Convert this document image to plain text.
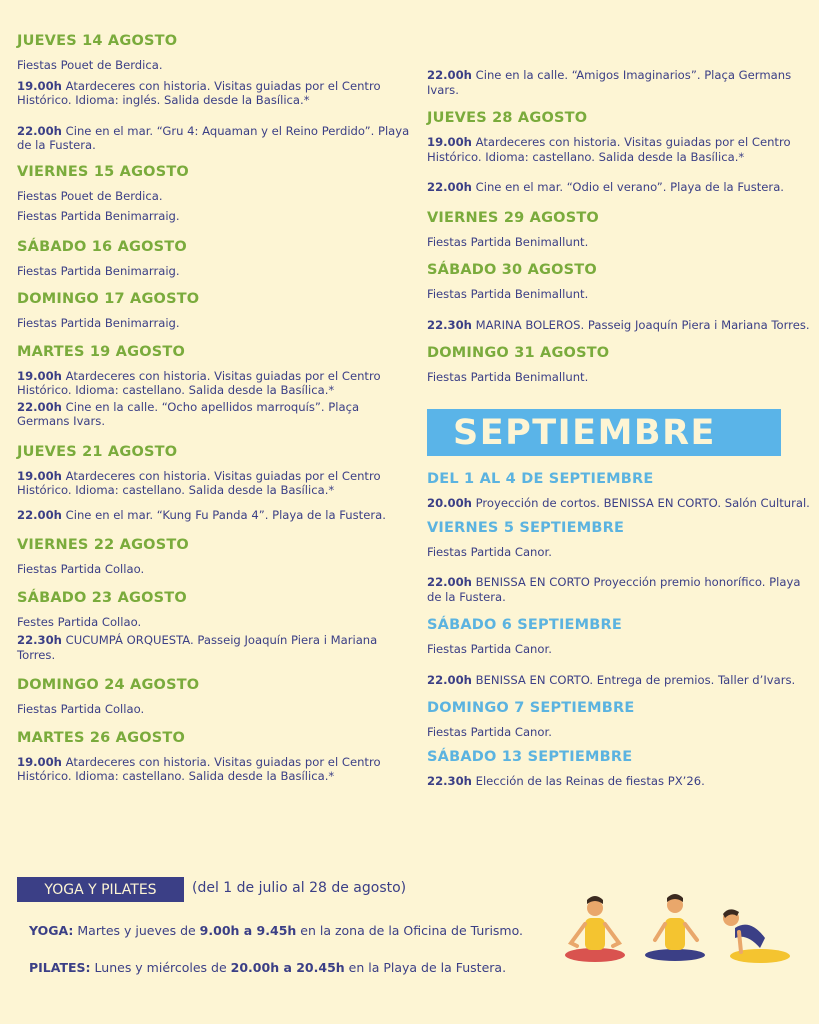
JUEVES 14 AGOSTO

Fiestas Pouet de Berdica.

19.00h Atardeceres con historia. Visitas guiadas por el Centro Histórico. Idioma: inglés. Salida desde la Basílica.*

22.00h Cine en el mar. “Gru 4: Aquaman y el Reino Perdido”. Playa de la Fustera.

VIERNES 15 AGOSTO

Fiestas Pouet de Berdica.

Fiestas Partida Benimarraig.

SÁBADO 16 AGOSTO

Fiestas Partida Benimarraig.

DOMINGO 17 AGOSTO

Fiestas Partida Benimarraig.

MARTES 19 AGOSTO

19.00h Atardeceres con historia. Visitas guiadas por el Centro Histórico. Idioma: castellano. Salida desde la Basílica.*

22.00h Cine en la calle. “Ocho apellidos marroquís”. Plaça Germans Ivars.

JUEVES 21 AGOSTO

19.00h Atardeceres con historia. Visitas guiadas por el Centro Histórico. Idioma: castellano. Salida desde la Basílica.*

22.00h Cine en el mar. “Kung Fu Panda 4”. Playa de la Fustera.

VIERNES 22 AGOSTO

Fiestas Partida Collao.

SÁBADO 23 AGOSTO

Festes Partida Collao.

22.30h CUCUMPÁ ORQUESTA. Passeig Joaquín Piera i Mariana Torres.

DOMINGO 24 AGOSTO

Fiestas Partida Collao.

MARTES 26 AGOSTO

19.00h Atardeceres con historia. Visitas guiadas por el Centro Histórico. Idioma: castellano. Salida desde la Basílica.*

22.00h Cine en la calle. “Amigos Imaginarios”. Plaça Germans Ivars.

JUEVES 28 AGOSTO

19.00h Atardeceres con historia. Visitas guiadas por el Centro Histórico. Idioma: castellano. Salida desde la Basílica.*

22.00h Cine en el mar. “Odio el verano”. Playa de la Fustera.

VIERNES 29 AGOSTO

Fiestas Partida Benimallunt.

SÁBADO 30 AGOSTO

Fiestas Partida Benimallunt.

22.30h MARINA BOLEROS. Passeig Joaquín Piera i Mariana Torres.

DOMINGO 31 AGOSTO

Fiestas Partida Benimallunt.

SEPTIEMBRE

DEL 1 AL 4 DE SEPTIEMBRE

20.00h Proyección de cortos. BENISSA EN CORTO. Salón Cultural.

VIERNES 5 SEPTIEMBRE

Fiestas Partida Canor.

22.00h BENISSA EN CORTO Proyección premio honorífico. Playa de la Fustera.

SÁBADO 6 SEPTIEMBRE

Fiestas Partida Canor.

22.00h BENISSA EN CORTO. Entrega de premios. Taller d’Ivars.

DOMINGO 7 SEPTIEMBRE

Fiestas Partida Canor.

SÁBADO 13 SEPTIEMBRE

22.30h Elección de las Reinas de fiestas PX’26.

YOGA Y PILATES	(del 1 de julio al 28 de agosto)
YOGA: Martes y jueves de 9.00h a 9.45h en la zona de la Oficina de Turismo.
PILATES: Lunes y miércoles de 20.00h a 20.45h en la Playa de la Fustera.
